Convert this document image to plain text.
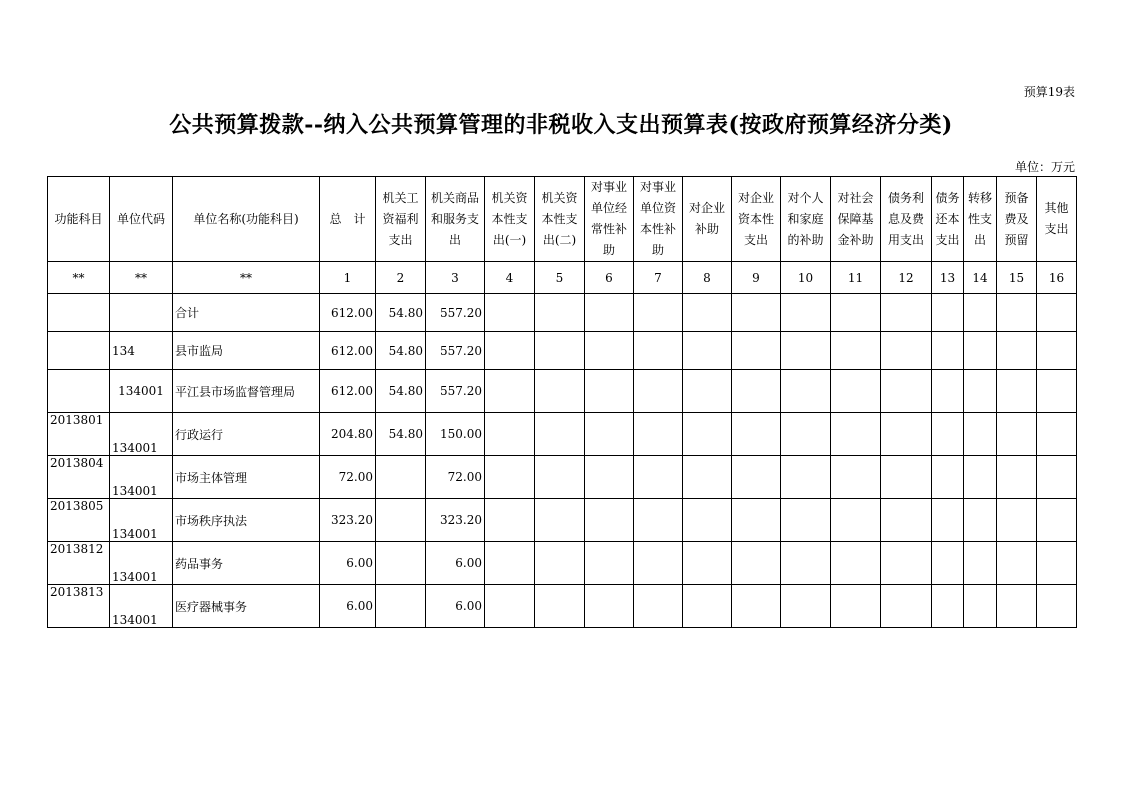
预算19表
公共预算拨款--纳入公共预算管理的非税收入支出预算表(按政府预算经济分类)
单位：万元
功能科目	单位代码	单位名称(功能科目)	总　计	机关工资福利支出	机关商品和服务支出	机关资本性支出(一)	机关资本性支出(二)	对事业单位经常性补助	对事业单位资本性补助	对企业补助	对企业资本性支出	对个人和家庭的补助	对社会保障基金补助	债务利息及费用支出	债务还本支出	转移性支出	预备费及预留	其他支出
**	**	**	1	2	3	4	5	6	7	8	9	10	11	12	13	14	15	16
		合计	612.00	54.80	557.20													
	134	县市监局	612.00	54.80	557.20													
	134001	平江县市场监督管理局	612.00	54.80	557.20													
2013801	134001	行政运行	204.80	54.80	150.00													
2013804	134001	市场主体管理	72.00		72.00													
2013805	134001	市场秩序执法	323.20		323.20													
2013812	134001	药品事务	6.00		6.00													
2013813	134001	医疗器械事务	6.00		6.00													
